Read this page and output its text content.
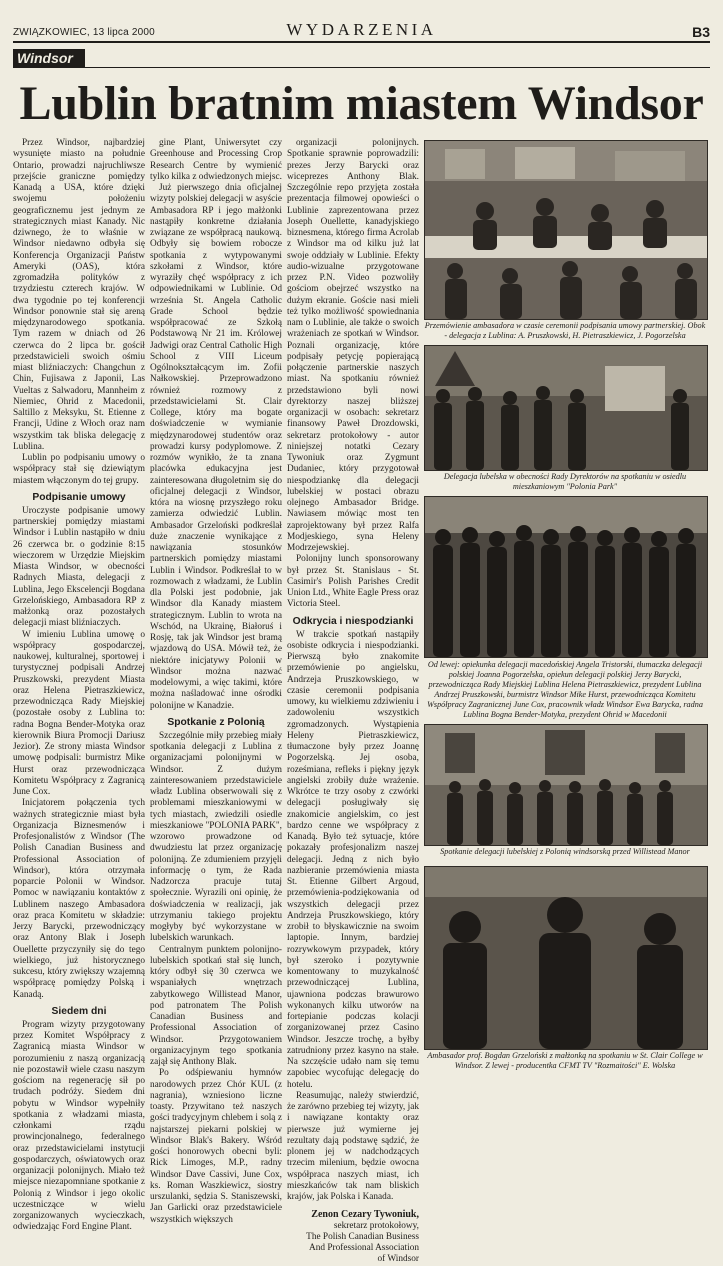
ZWIĄZKOWIEC, 13 lipca 2000	WYDARZENIA	B3
Windsor
Lublin bratnim miastem Windsor

Przez Windsor, najbardziej wysunięte miasto na południe Ontario, prowadzi najruchliwsze przejście graniczne pomiędzy Kanadą a USA, które dzięki swojemu położeniu geograficznemu jest jednym ze strategicznych miast Kanady. Nic dziwnego, że to właśnie w Windsor niedawno odbyła się Konferencja Organizacji Państw Ameryki (OAS), która zgromadziła polityków z trzydziestu czterech krajów. W dwa tygodnie po tej konferencji Windsor ponownie stał się areną międzynarodowego spotkania. Tym razem w dniach od 26 czerwca do 2 lipca br. gościł przedstawicieli swoich ośmiu miast bliźniaczych: Changchun z Chin, Fujisawa z Japonii, Las Vueltas z Salwadoru, Mannheim z Niemiec, Ohrid z Macedonii, Saltillo z Meksyku, St. Etienne z Francji, Udine z Włoch oraz nam wszystkim tak bliska delegację z Lublina.

Lublin po podpisaniu umowy o współpracy stał się dziewiątym miastem włączonym do tej grupy.

Podpisanie umowy

Uroczyste podpisanie umowy partnerskiej pomiędzy miastami Windsor i Lublin nastąpiło w dniu 26 czerwca br. o godzinie 8:15 wieczorem w Urzędzie Miejskim Miasta Windsor, w obecności Radnych Miasta, delegacji z Lublina, Jego Ekscelencji Bogdana Grzelońskiego, Ambasadora RP z małżonką oraz pozostałych delegacji miast bliźniaczych.

W imieniu Lublina umowę o współpracy gospodarczej, naukowej, kulturalnej, sportowej i turystycznej podpisali Andrzej Pruszkowski, prezydent Miasta oraz Helena Pietraszkiewicz, przewodnicząca Rady Miejskiej (pozostałe osoby z Lublina to: radna Bogna Bender-Motyka oraz kierownik Biura Promocji Dariusz Jezior). Ze strony miasta Windsor umowę podpisali: burmistrz Mike Hurst oraz przewodnicząca Komitetu Współpracy z Zagranicą June Cox.

Inicjatorem połączenia tych ważnych strategicznie miast była Organizacja Biznesmenów i Profesjonalistów z Windsor (The Polish Canadian Business and Professional Association of Windsor), która otrzymała poparcie Polonii w Windsor. Pomoc w nawiązaniu kontaktów z Lublinem naszego Ambasadora oraz praca Komitetu w składzie: Jerzy Barycki, przewodniczący oraz Antony Blak i Joseph Ouellette przyczyniły się do tego wielkiego, już historycznego sukcesu, który zwiększy wzajemną współpracę pomiędzy Polską i Kanadą.

Siedem dni

Program wizyty przygotowany przez Komitet Współpracy z Zagranicą miasta Windsor w porozumieniu z naszą organizacją nie pozostawił wiele czasu naszym gościom na regenerację sił po trudach podróży. Siedem dni pobytu w Windsor wypełniły spotkania z władzami miasta, członkami rządu prowincjonalnego, federalnego oraz przedstawicielami instytucji gospodarczych, oświatowych oraz organizacji polonijnych. Miało też miejsce niezapomniane spotkanie z Polonią z Windsor i jego okolic uczestniczące w wielu zorganizowanych wycieczkach, odwiedzając Ford Engine Plant.

gine Plant, Uniwersytet czy Greenhouse and Processing Crop Research Centre by wymienić tylko kilka z odwiedzonych miejsc.

Już pierwszego dnia oficjalnej wizyty polskiej delegacji w asyście Ambasadora RP i jego małżonki nastąpiły konkretne działania związane ze współpracą naukową. Odbyły się bowiem robocze spotkania z wytypowanymi szkołami z Windsor, które wyraziły chęć współpracy z ich odpowiednikami w Lublinie. Od września St. Angela Catholic Grade School będzie współpracować ze Szkołą Podstawową Nr 21 im. Królowej Jadwigi oraz Central Catholic High School z VIII Liceum Ogólnokształcącym im. Zofii Nałkowskiej. Przeprowadzono również rozmowy z przedstawicielami St. Clair College, który ma bogate doświadczenie w wymianie międzynarodowej studentów oraz prowadzi kursy podyplomowe. Z rozmów wynikło, że ta znana placówka edukacyjna jest zainteresowana długoletnim się do oficjalnej delegacji z Windsor, która na wiosnę przyszłego roku zamierza odwiedzić Lublin. Ambasador Grzeloński podkreślał duże znaczenie wynikające z nawiązania stosunków partnerskich pomiędzy miastami Lublin i Windsor. Podkreślał to w rozmowach z władzami, że Lublin dla Polski jest podobnie, jak Windsor dla Kanady miastem strategicznym. Lublin to wrota na Wschód, na Ukrainę, Białoruś i Rosję, tak jak Windsor jest bramą wjazdową do USA. Mówił też, że niektóre inicjatywy Polonii w Windsor można nazwać modelowymi, a więc takimi, które można naśladować inne ośrodki polonijne w Kanadzie.

Spotkanie z Polonią

Szczególnie miły przebieg miały spotkania delegacji z Lublina z organizacjami polonijnymi w Windsor. Z dużym zainteresowaniem przedstawiciele władz Lublina obserwowali się z problemami mieszkaniowymi w tych miastach, zwiedzili osiedle mieszkaniowe "POLONIA PARK", wzorowo prowadzone od dwudziestu lat przez organizację polonijną. Ze zdumieniem przyjęli informację o tym, że Rada Nadzorcza pracuje tutaj społecznie. Wyrazili oni opinię, że doświadczenia w realizacji, jak utrzymaniu takiego projektu mogłyby być wykorzystane w lubelskich warunkach.

Centralnym punktem polonijno-lubelskich spotkań stał się lunch, który odbył się 30 czerwca we wspaniałych wnętrzach zabytkowego Willistead Manor, pod patronatem The Polish Canadian Business and Professional Association of Windsor. Przygotowaniem organizacyjnym tego spotkania zajął się Anthony Blak.

Po odśpiewaniu hymnów narodowych przez Chór KUL (z nagrania), wzniesiono liczne toasty. Przywitano też naszych gości tradycyjnym chlebem i solą z najstarszej piekarni polskiej w Windsor Blak's Bakery. Wśród gości honorowych obecni byli: Rick Limoges, M.P., radny Windsor Dave Cassivi, June Cox, ks. Roman Waszkiewicz, siostry urszulanki, sędzia S. Staniszewski, Jan Garlicki oraz przedstawiciele wszystkich większych

organizacji polonijnych. Spotkanie sprawnie poprowadzili: prezes Jerzy Barycki oraz wiceprezes Anthony Blak. Szczególnie repo przyjęta została prezentacja filmowej opowieści o Lublinie zaprezentowana przez Joseph Ouellette, kanadyjskiego biznesmena, którego firma Acrolab z Windsor ma od kilku już lat swoje oddziały w Lublinie. Efekty audio-wizualne przygotowane przez P.N. Video pozwoliły gościom obejrzeć wszystko na dużym ekranie. Goście nasi mieli też tylko możliwość spowiednania nam o Lublinie, ale także o swoich wrażeniach ze spotkań w Windsor. Poznali organizację, które podpisały petycję popierającą połączenie partnerskie naszych miast. Na spotkaniu również przedstawiono byli nowi dyrektorzy naszej bliższej organizacji w osobach: sekretarz finansowy Paweł Drozdowski, sekretarz protokołowy - autor niniejszej notatki Cezary Tywoniuk oraz Zygmunt Dudaniec, który przygotował niespodziankę dla delegacji lubelskiej w postaci obrazu olejnego Ambasador Bridge. Nawiasem mówiąc most ten zaprojektowany był przez Ralfa Modjeskiego, syna Heleny Modrzejewskiej.

Polonijny lunch sponsorowany był przez St. Stanislaus - St. Casimir's Polish Parishes Credit Union Ltd., White Eagle Press oraz Victoria Steel.

Odkrycia i niespodzianki

W trakcie spotkań nastąpiły osobiste odkrycia i niespodzianki. Pierwszą było znakomite przemówienie po angielsku, Andrzeja Pruszkowskiego, w czasie ceremonii podpisania umowy, ku wielkiemu zdziwieniu i zadowoleniu wszystkich zgromadzonych. Wystąpienia Heleny Pietraszkiewicz, tłumaczone były przez Joannę Pogorzelską. Jej osoba, roześmiana, refleks i piękny język angielski zrobiły duże wrażenie. Wkrótce te trzy osoby z czwórki delegacji posługiwały się znakomicie angielskim, co jest bardzo cenne we współpracy z Kanadą. Było też sytuacje, które pokazały profesjonalizm naszej delegacji. Jedną z nich było nazbieranie przemówienia miasta St. Etienne Gilbert Argoud, przemówienia-podziękowania od wszystkich delegacji przez Andrzeja Pruszkowskiego, który zrobił to błyskawicznie na swoim laptopie. Innym, bardziej rozrywkowym przypadek, który był szeroko i pozytywnie komentowany to muzykalność przewodniczącej Lublina, ujawniona podczas brawurowo wykonanych kilku utworów na fortepianie podczas kolacji zorganizowanej przez Casino Windsor. Jeszcze trochę, a byłby zatrudniony przez kasyno na stałe. Na szczęście udało nam się temu zapobiec wycofując delegację do hotelu.

Reasumując, należy stwierdzić, że zarówno przebieg tej wizyty, jak i nawiązane kontakty oraz pierwsze już wymierne jej rezultaty dają podstawę sądzić, że plonem jej w nadchodzących trzecim milenium, będzie owocna współpraca naszych miast, ich mieszkańców tak nam bliskich krajów, jak Polska i Kanada.

Zenon Cezary Tywoniuk,
sekretarz protokołowy,
The Polish Canadian Business
And Professional Association
of Windsor
Przemówienie ambasadora w czasie ceremonii podpisania umowy partnerskiej. Obok - delegacja z Lublina: A. Pruszkowski, H. Pietraszkiewicz, J. Pogorzelska
Delegacja lubelska w obecności Rady Dyrektorów na spotkaniu w osiedlu mieszkaniowym "Polonia Park"
Od lewej: opiekunka delegacji macedońskiej Angela Tristorski, tłumaczka delegacji polskiej Joanna Pogorzelska, opiekun delegacji polskiej Jerzy Barycki, przewodnicząca Rady Miejskiej Lublina Helena Pietraszkiewicz, prezydent Lublina Andrzej Pruszkowski, burmistrz Windsor Mike Hurst, przewodnicząca Komitetu Współpracy Zagranicznej June Cox, pracownik władz Windsor Ewa Barycka, radna Lublina Bogna Bender-Motyka, prezydent Ohrid w Macedonii
Spotkanie delegacji lubelskiej z Polonią windsorską przed Willistead Manor
Ambasador prof. Bogdan Grzeloński z małżonką na spotkaniu w St. Clair College w Windsor. Z lewej - producentka CFMT TV "Rozmaitości" E. Wolska
